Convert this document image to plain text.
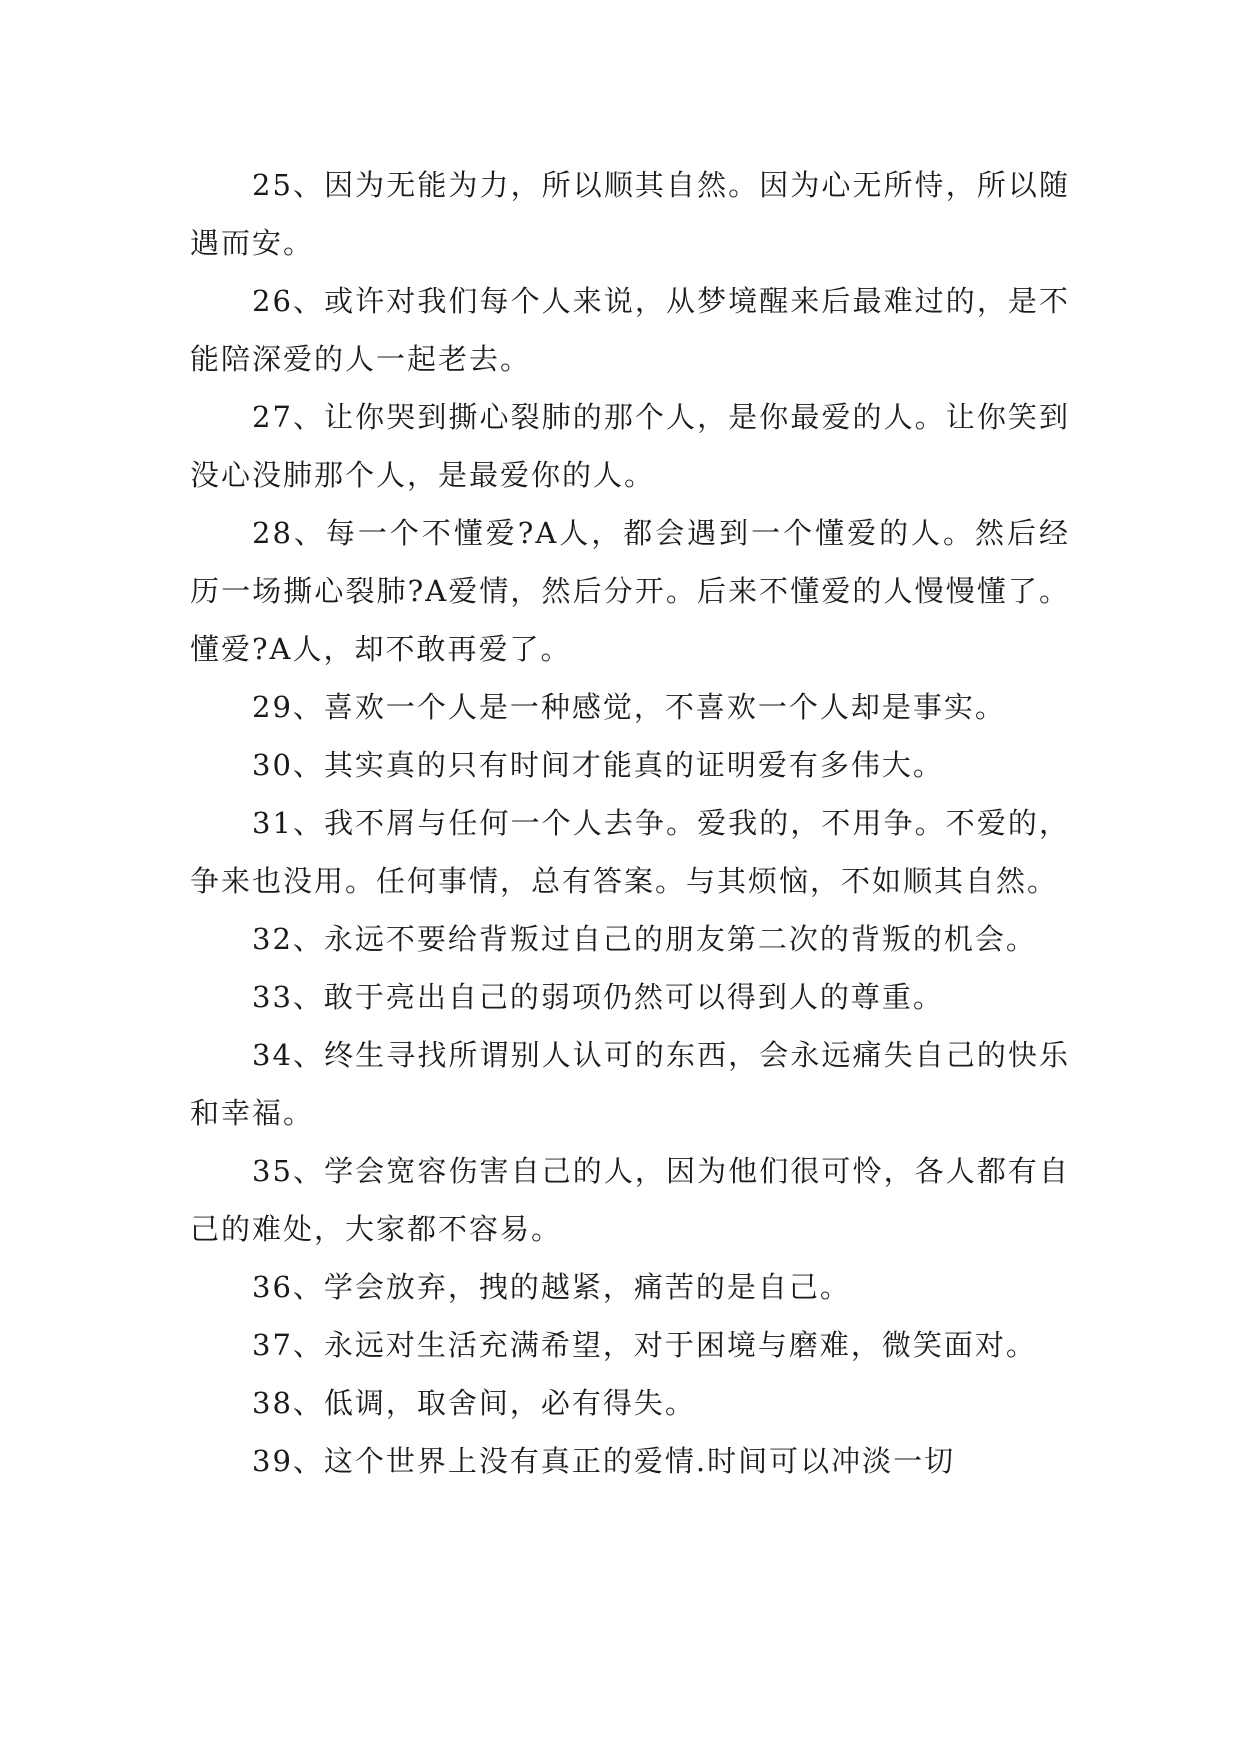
25、因为无能为力，所以顺其自然。因为心无所恃，所以随遇而安。

26、或许对我们每个人来说，从梦境醒来后最难过的，是不能陪深爱的人一起老去。

27、让你哭到撕心裂肺的那个人，是你最爱的人。让你笑到没心没肺那个人，是最爱你的人。

28、每一个不懂爱?A人，都会遇到一个懂爱的人。然后经历一场撕心裂肺?A爱情，然后分开。后来不懂爱的人慢慢懂了。懂爱?A人，却不敢再爱了。

29、喜欢一个人是一种感觉，不喜欢一个人却是事实。

30、其实真的只有时间才能真的证明爱有多伟大。

31、我不屑与任何一个人去争。爱我的，不用争。不爱的，争来也没用。任何事情，总有答案。与其烦恼，不如顺其自然。

32、永远不要给背叛过自己的朋友第二次的背叛的机会。

33、敢于亮出自己的弱项仍然可以得到人的尊重。

34、终生寻找所谓别人认可的东西，会永远痛失自己的快乐和幸福。

35、学会宽容伤害自己的人，因为他们很可怜，各人都有自己的难处，大家都不容易。

36、学会放弃，拽的越紧，痛苦的是自己。

37、永远对生活充满希望，对于困境与磨难，微笑面对。

38、低调，取舍间，必有得失。

39、这个世界上没有真正的爱情.时间可以冲淡一切
